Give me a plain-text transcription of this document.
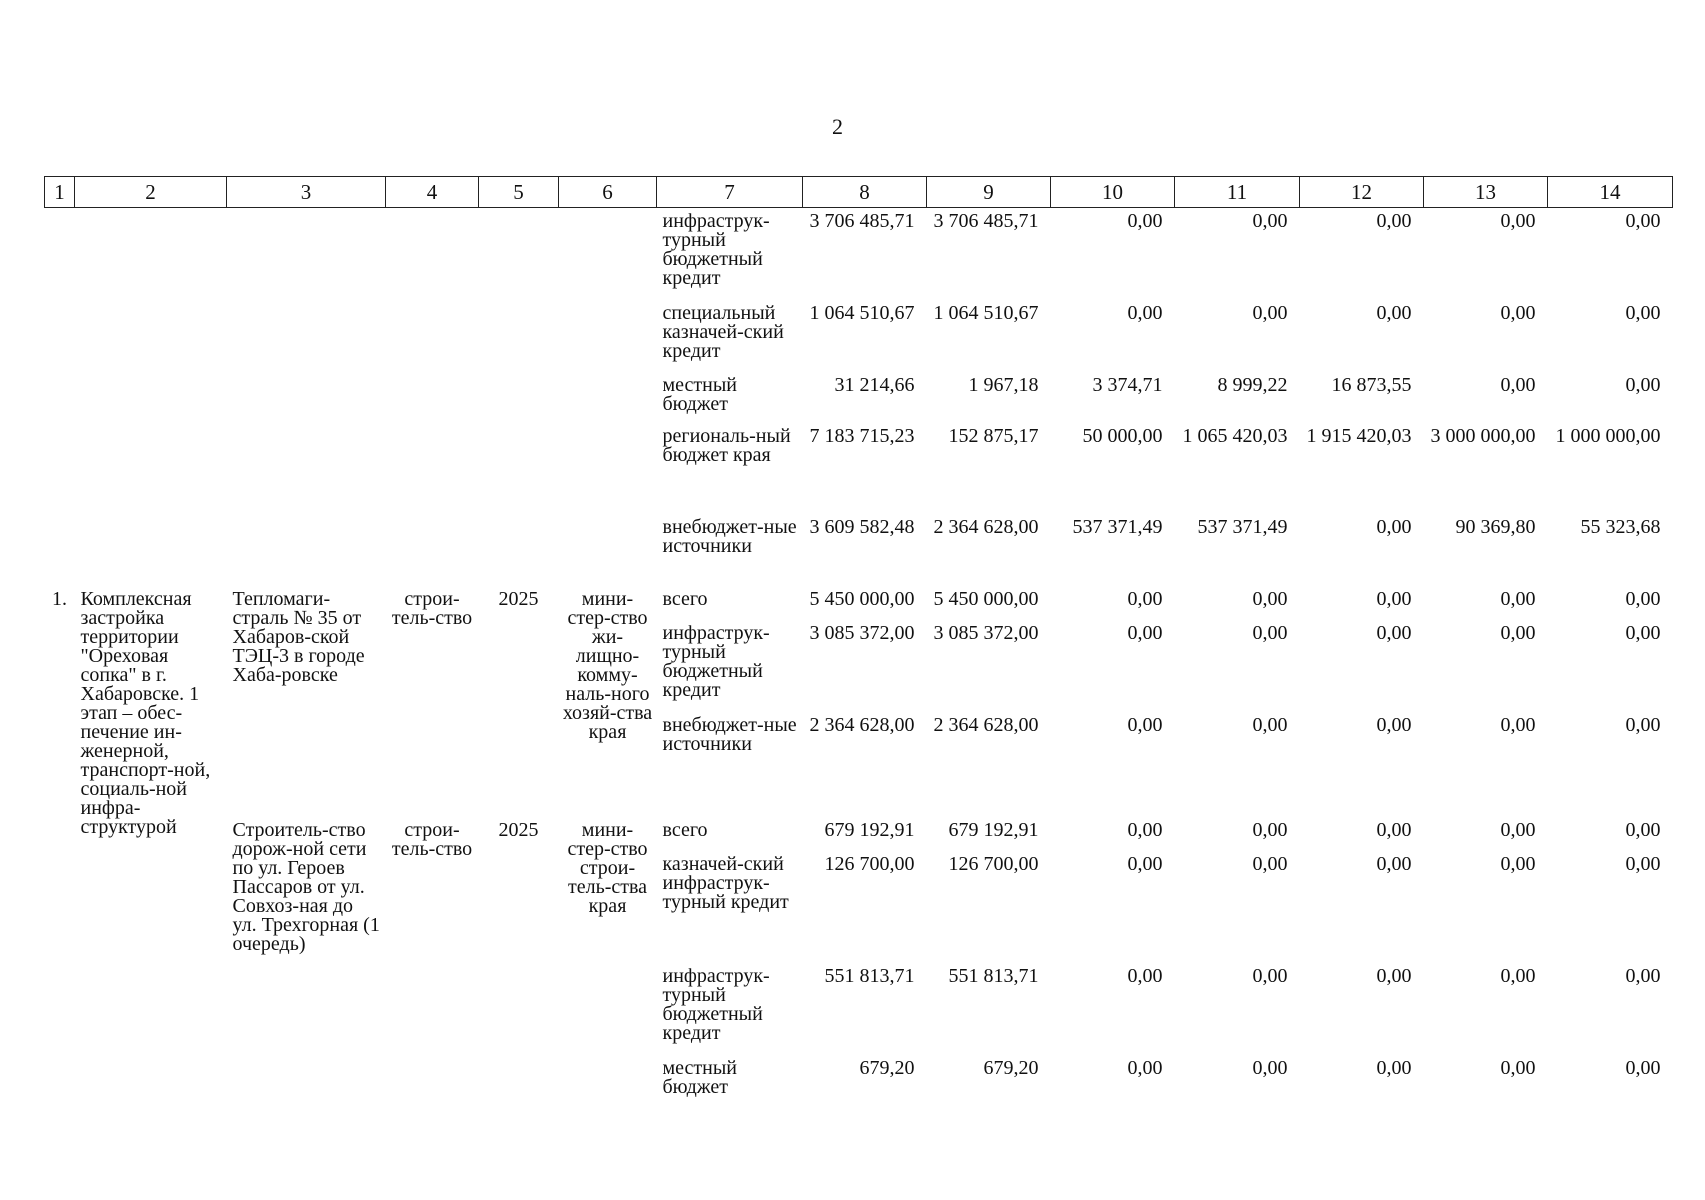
2
1	2	3	4	5	6	7	8	9	10	11	12	13	14
						инфраструк-турный бюджетный кредит	3 706 485,71	3 706 485,71	0,00	0,00	0,00	0,00	0,00
						специальный казначей-ский кредит	1 064 510,67	1 064 510,67	0,00	0,00	0,00	0,00	0,00
						местный бюджет	31 214,66	1 967,18	3 374,71	8 999,22	16 873,55	0,00	0,00
						региональ-ный бюджет края	7 183 715,23	152 875,17	50 000,00	1 065 420,03	1 915 420,03	3 000 000,00	1 000 000,00
						внебюджет-ные источники	3 609 582,48	2 364 628,00	537 371,49	537 371,49	0,00	90 369,80	55 323,68
1.	Комплексная застройка территории "Ореховая сопка" в г. Хабаровске. 1 этап – обес-печение ин-женерной, транспорт-ной, социаль-ной инфра-структурой	Тепломаги-страль № 35 от Хабаров-ской ТЭЦ-3 в городе Хаба-ровске	строи-тель-ство	2025	мини-стер-ство жи-лищно-комму-наль-ного хозяй-ства края	всего	5 450 000,00	5 450 000,00	0,00	0,00	0,00	0,00	0,00
						инфраструк-турный бюджетный кредит	3 085 372,00	3 085 372,00	0,00	0,00	0,00	0,00	0,00
						внебюджет-ные источники	2 364 628,00	2 364 628,00	0,00	0,00	0,00	0,00	0,00
		Строитель-ство дорож-ной сети по ул. Героев Пассаров от ул. Совхоз-ная до ул. Трехгорная (1 очередь)	строи-тель-ство	2025	мини-стер-ство строи-тель-ства края	всего	679 192,91	679 192,91	0,00	0,00	0,00	0,00	0,00
						казначей-ский инфраструк-турный кредит	126 700,00	126 700,00	0,00	0,00	0,00	0,00	0,00
						инфраструк-турный бюджетный кредит	551 813,71	551 813,71	0,00	0,00	0,00	0,00	0,00
						местный бюджет	679,20	679,20	0,00	0,00	0,00	0,00	0,00
